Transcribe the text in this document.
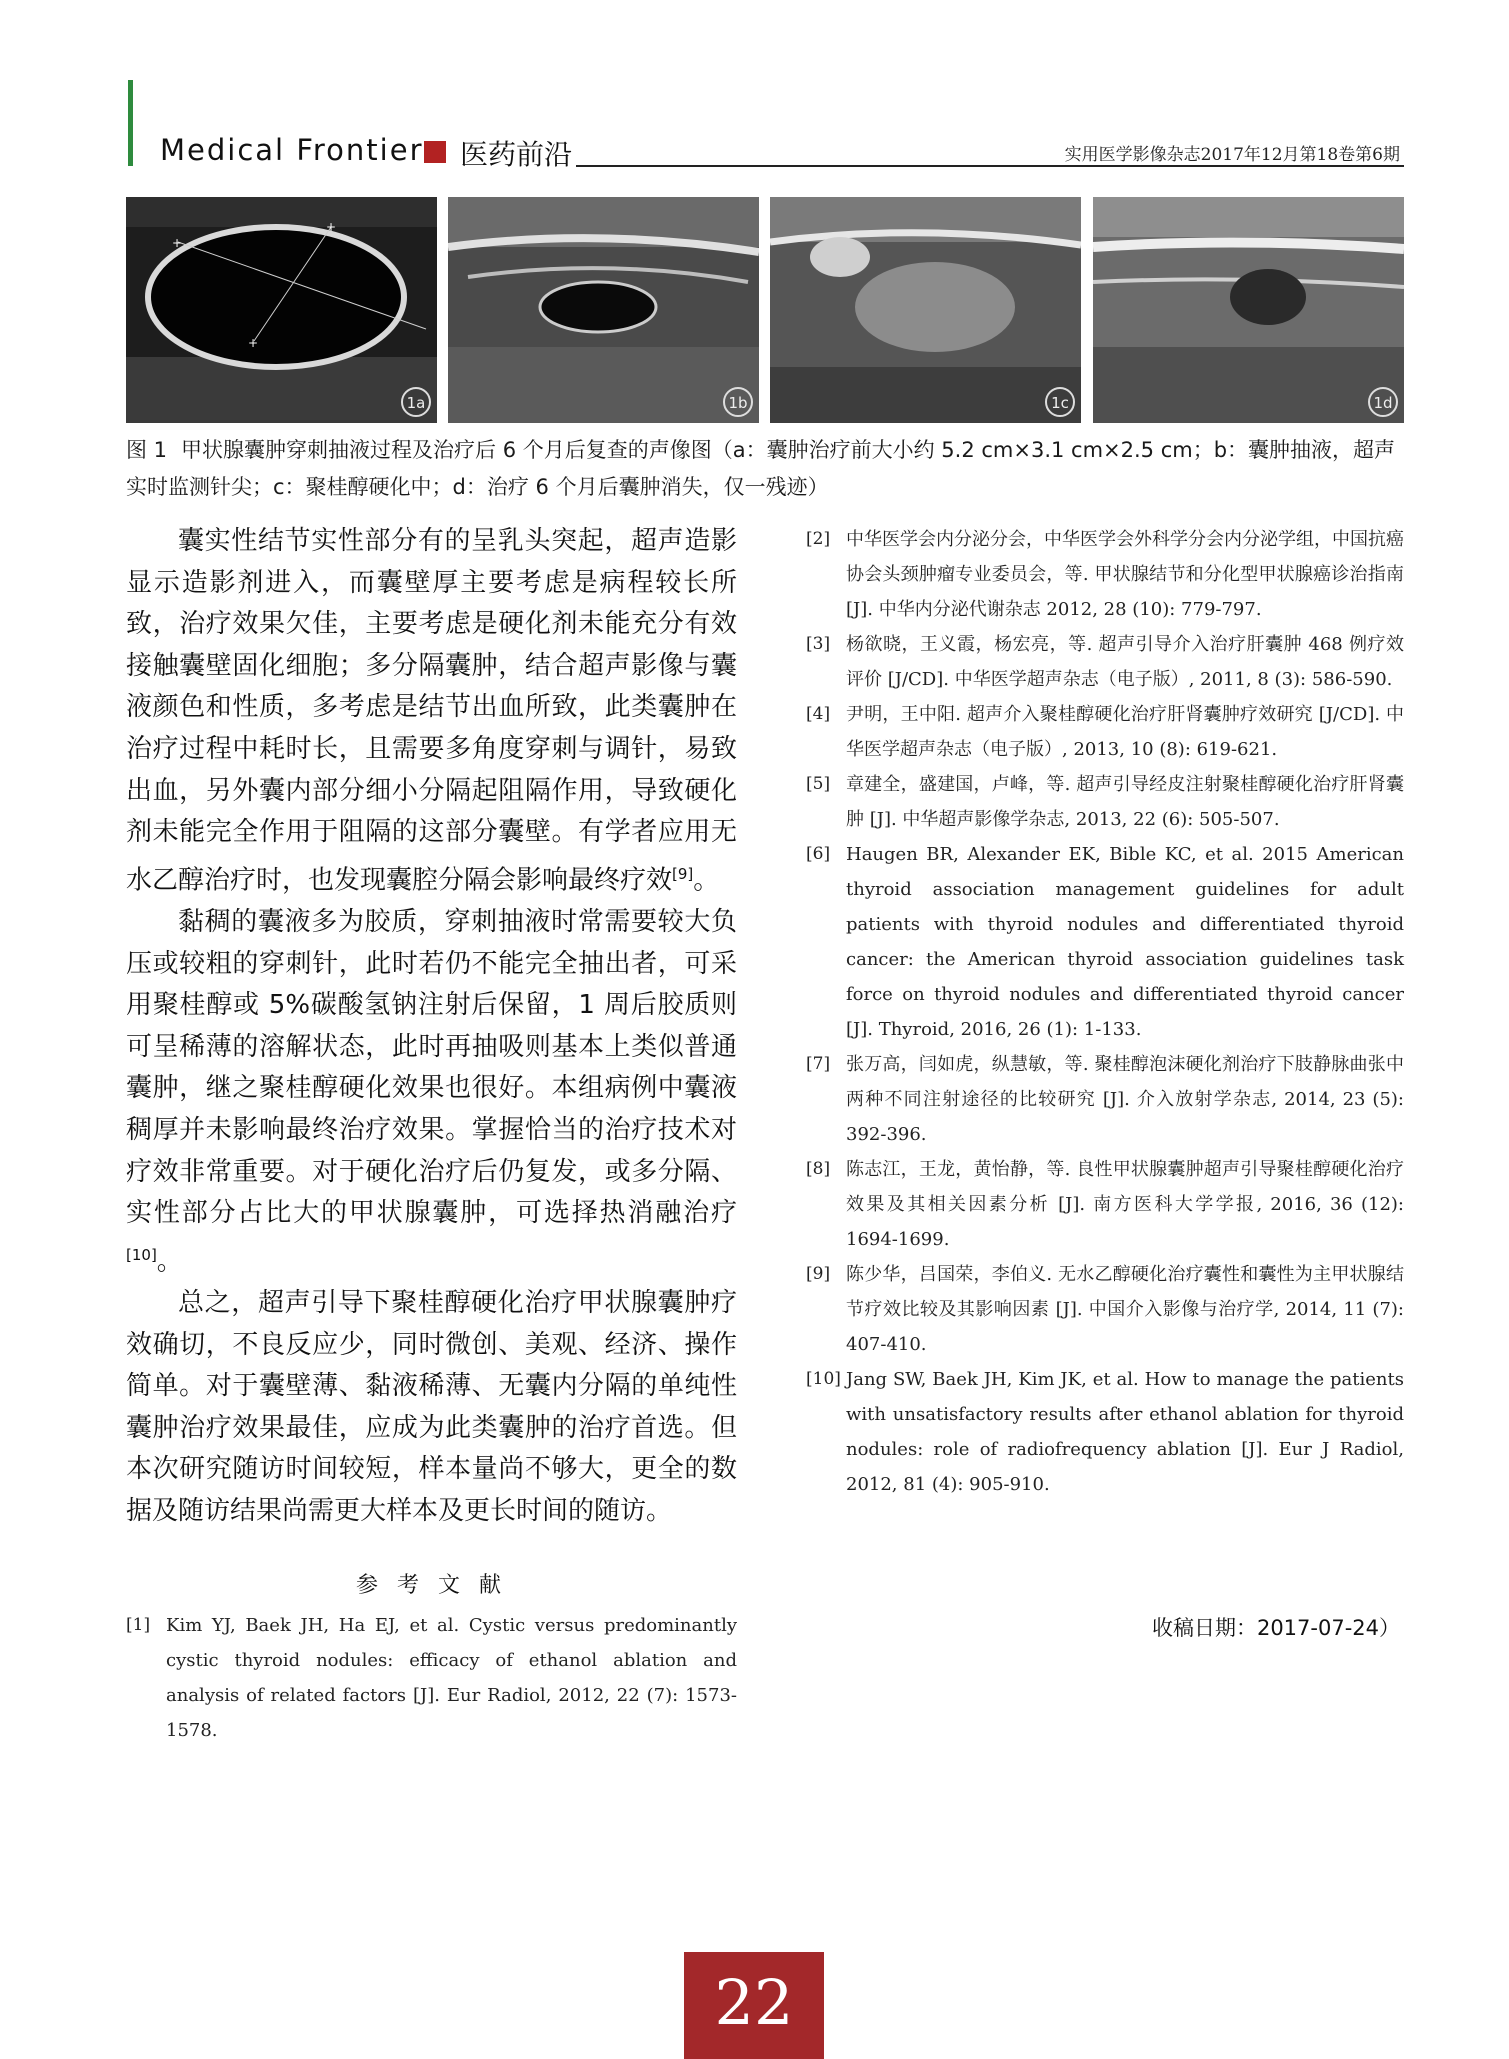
Medical Frontier 医药前沿	实用医学影像杂志2017年12月第18卷第6期
+
+
+
1a	1b	1c	1d
图 1 甲状腺囊肿穿刺抽液过程及治疗后 6 个月后复查的声像图（a：囊肿治疗前大小约 5.2 cm×3.1 cm×2.5 cm；b：囊肿抽液，超声实时监测针尖；c：聚桂醇硬化中；d：治疗 6 个月后囊肿消失，仅一残迹）

囊实性结节实性部分有的呈乳头突起，超声造影显示造影剂进入，而囊壁厚主要考虑是病程较长所致，治疗效果欠佳，主要考虑是硬化剂未能充分有效接触囊壁固化细胞；多分隔囊肿，结合超声影像与囊液颜色和性质，多考虑是结节出血所致，此类囊肿在治疗过程中耗时长，且需要多角度穿刺与调针，易致出血，另外囊内部分细小分隔起阻隔作用，导致硬化剂未能完全作用于阻隔的这部分囊壁。有学者应用无水乙醇治疗时，也发现囊腔分隔会影响最终疗效[9]。

黏稠的囊液多为胶质，穿刺抽液时常需要较大负压或较粗的穿刺针，此时若仍不能完全抽出者，可采用聚桂醇或 5%碳酸氢钠注射后保留，1 周后胶质则可呈稀薄的溶解状态，此时再抽吸则基本上类似普通囊肿，继之聚桂醇硬化效果也很好。本组病例中囊液稠厚并未影响最终治疗效果。掌握恰当的治疗技术对疗效非常重要。对于硬化治疗后仍复发，或多分隔、实性部分占比大的甲状腺囊肿，可选择热消融治疗[10]。

总之，超声引导下聚桂醇硬化治疗甲状腺囊肿疗效确切，不良反应少，同时微创、美观、经济、操作简单。对于囊壁薄、黏液稀薄、无囊内分隔的单纯性囊肿治疗效果最佳，应成为此类囊肿的治疗首选。但本次研究随访时间较短，样本量尚不够大，更全的数据及随访结果尚需更大样本及更长时间的随访。

参 考 文 献
[1] Kim YJ, Baek JH, Ha EJ, et al. Cystic versus predominantly cystic thyroid nodules: efficacy of ethanol ablation and analysis of related factors [J]. Eur Radiol, 2012, 22 (7): 1573-1578.
[2] 中华医学会内分泌分会，中华医学会外科学分会内分泌学组，中国抗癌协会头颈肿瘤专业委员会，等. 甲状腺结节和分化型甲状腺癌诊治指南 [J]. 中华内分泌代谢杂志 2012, 28 (10): 779-797.
[3] 杨欲晓，王义霞，杨宏亮，等. 超声引导介入治疗肝囊肿 468 例疗效评价 [J/CD]. 中华医学超声杂志（电子版）, 2011, 8 (3): 586-590.
[4] 尹明，王中阳. 超声介入聚桂醇硬化治疗肝肾囊肿疗效研究 [J/CD]. 中华医学超声杂志（电子版）, 2013, 10 (8): 619-621.
[5] 章建全，盛建国，卢峰，等. 超声引导经皮注射聚桂醇硬化治疗肝肾囊肿 [J]. 中华超声影像学杂志, 2013, 22 (6): 505-507.
[6] Haugen BR, Alexander EK, Bible KC, et al. 2015 American thyroid association management guidelines for adult patients with thyroid nodules and differentiated thyroid cancer: the American thyroid association guidelines task force on thyroid nodules and differentiated thyroid cancer [J]. Thyroid, 2016, 26 (1): 1-133.
[7] 张万高，闫如虎，纵慧敏，等. 聚桂醇泡沫硬化剂治疗下肢静脉曲张中两种不同注射途径的比较研究 [J]. 介入放射学杂志, 2014, 23 (5): 392-396.
[8] 陈志江，王龙，黄怡静，等. 良性甲状腺囊肿超声引导聚桂醇硬化治疗效果及其相关因素分析 [J]. 南方医科大学学报, 2016, 36 (12): 1694-1699.
[9] 陈少华，吕国荣，李伯义. 无水乙醇硬化治疗囊性和囊性为主甲状腺结节疗效比较及其影响因素 [J]. 中国介入影像与治疗学, 2014, 11 (7): 407-410.
[10] Jang SW, Baek JH, Kim JK, et al. How to manage the patients with unsatisfactory results after ethanol ablation for thyroid nodules: role of radiofrequency ablation [J]. Eur J Radiol, 2012, 81 (4): 905-910.
收稿日期：2017-07-24）
22
